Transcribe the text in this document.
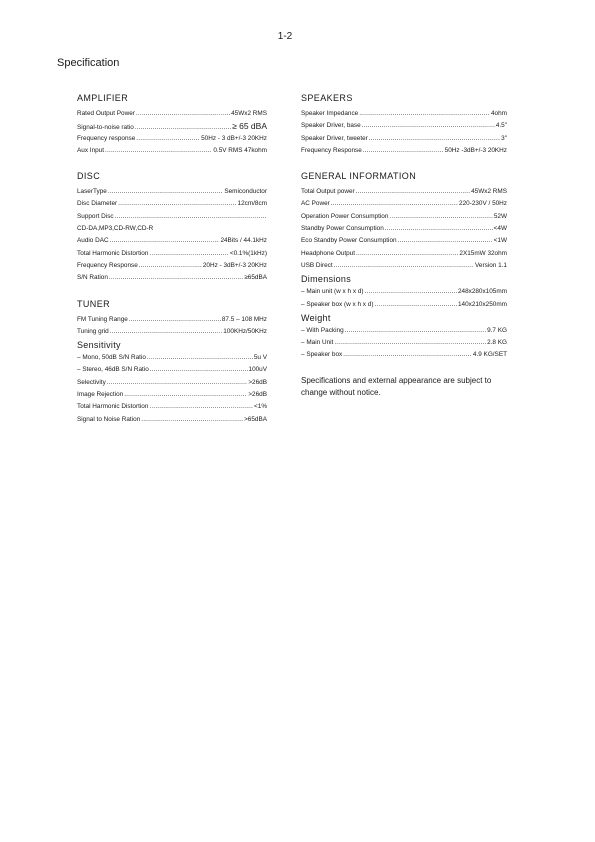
1-2
Specification
AMPLIFIER
Rated Output Power .....	45Wx2 RMS
Signal-to-noise ratio .....	≥ 65 dBA
Frequency response .....	50Hz - 3 dB+/-3 20KHz
Aux Input .....	0.5V RMS 47kohm
DISC
LaserType .....	Semiconductor
Disc Diameter .....	12cm/8cm
Support Disc
.....
CD-DA,MP3,CD-RW,CD-R
Audio DAC .....	24Bits / 44.1kHz
Total Harmonic Distortion .....	<0.1%(1kHz)
Frequency Response .....	20Hz - 3dB+/-3 20KHz
S/N Ration .....	≥65dBA
TUNER
FM Tuning Range .....	87.5 – 108 MHz
Tuning grid .....	100KHz/50KHz
Sensitivity
– Mono, 50dB S/N Ratio .....	5u V
– Stereo, 46dB S/N Ratio .....	100uV
Selectivity .....	>26dB
Image Rejection .....	>26dB
Total Harmonic Distortion .....	<1%
Signal to Noise Ration .....	>65dBA
SPEAKERS
Speaker Impedance .....	4ohm
Speaker Driver, base .....	4.5"
Speaker Driver, tweeter .....	3"
Frequency Response .....	50Hz -3dB+/-3 20KHz
GENERAL INFORMATION
Total Output power .....	45Wx2 RMS
AC Power .....	220-230V / 50Hz
Operation Power Consumption .....	52W
Standby Power Consumption .....	<4W
Eco Standby Power Consumption .....	<1W
Headphone Output .....	2X15mW 32ohm
USB Direct .....	Version 1.1
Dimensions
– Main unit (w x h x d) .....	248x280x105mm
– Speaker box (w x h x d) .....	140x210x250mm
Weight
– With Packing .....	9.7 KG
– Main Unit .....	2.8 KG
– Speaker box .....	4.9 KG/SET
Specifications and external appearance are subject to change without notice.
